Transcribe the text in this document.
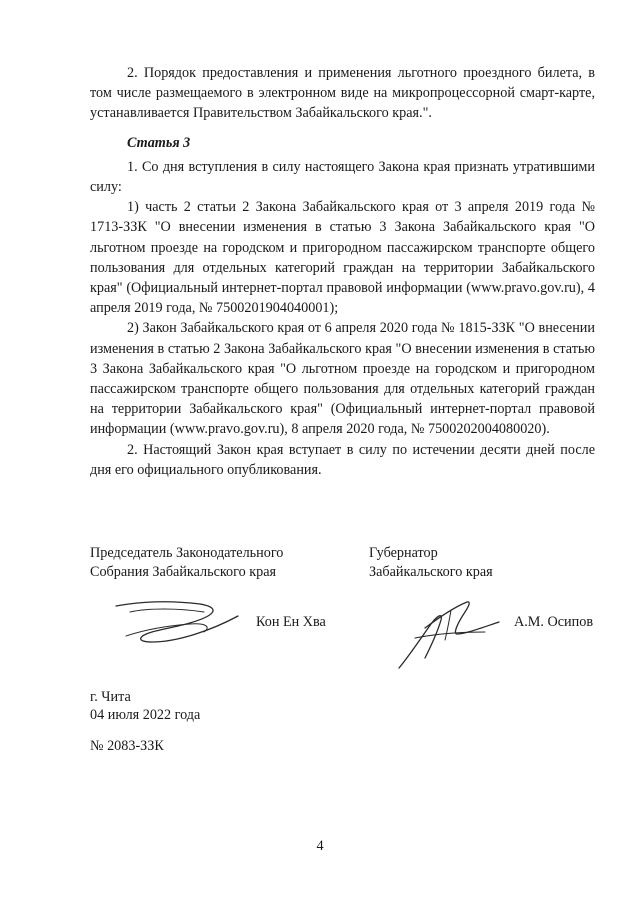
2. Порядок предоставления и применения льготного проездного билета, в том числе размещаемого в электронном виде на микропроцессорной смарт-карте, устанавливается Правительством Забайкальского края.".

Статья 3

1. Со дня вступления в силу настоящего Закона края признать утратившими силу:

1) часть 2 статьи 2 Закона Забайкальского края от 3 апреля 2019 года № 1713-ЗЗК "О внесении изменения в статью 3 Закона Забайкальского края "О льготном проезде на городском и пригородном пассажирском транспорте общего пользования для отдельных категорий граждан на территории Забайкальского края" (Официальный интернет-портал правовой информации (www.pravo.gov.ru), 4 апреля 2019 года, № 7500201904040001);

2) Закон Забайкальского края от 6 апреля 2020 года № 1815-ЗЗК "О внесении изменения в статью 2 Закона Забайкальского края "О внесении изменения в статью 3 Закона Забайкальского края "О льготном проезде на городском и пригородном пассажирском транспорте общего пользования для отдельных категорий граждан на территории Забайкальского края" (Официальный интернет-портал правовой информации (www.pravo.gov.ru), 8 апреля 2020 года, № 7500202004080020).

2. Настоящий Закон края вступает в силу по истечении десяти дней после дня его официального опубликования.

Председатель Законодательного
Собрания Забайкальского края
Губернатор
Забайкальского края
Кон Ен Хва	А.М. Осипов
г. Чита
04 июля 2022 года
№ 2083-ЗЗК
4
